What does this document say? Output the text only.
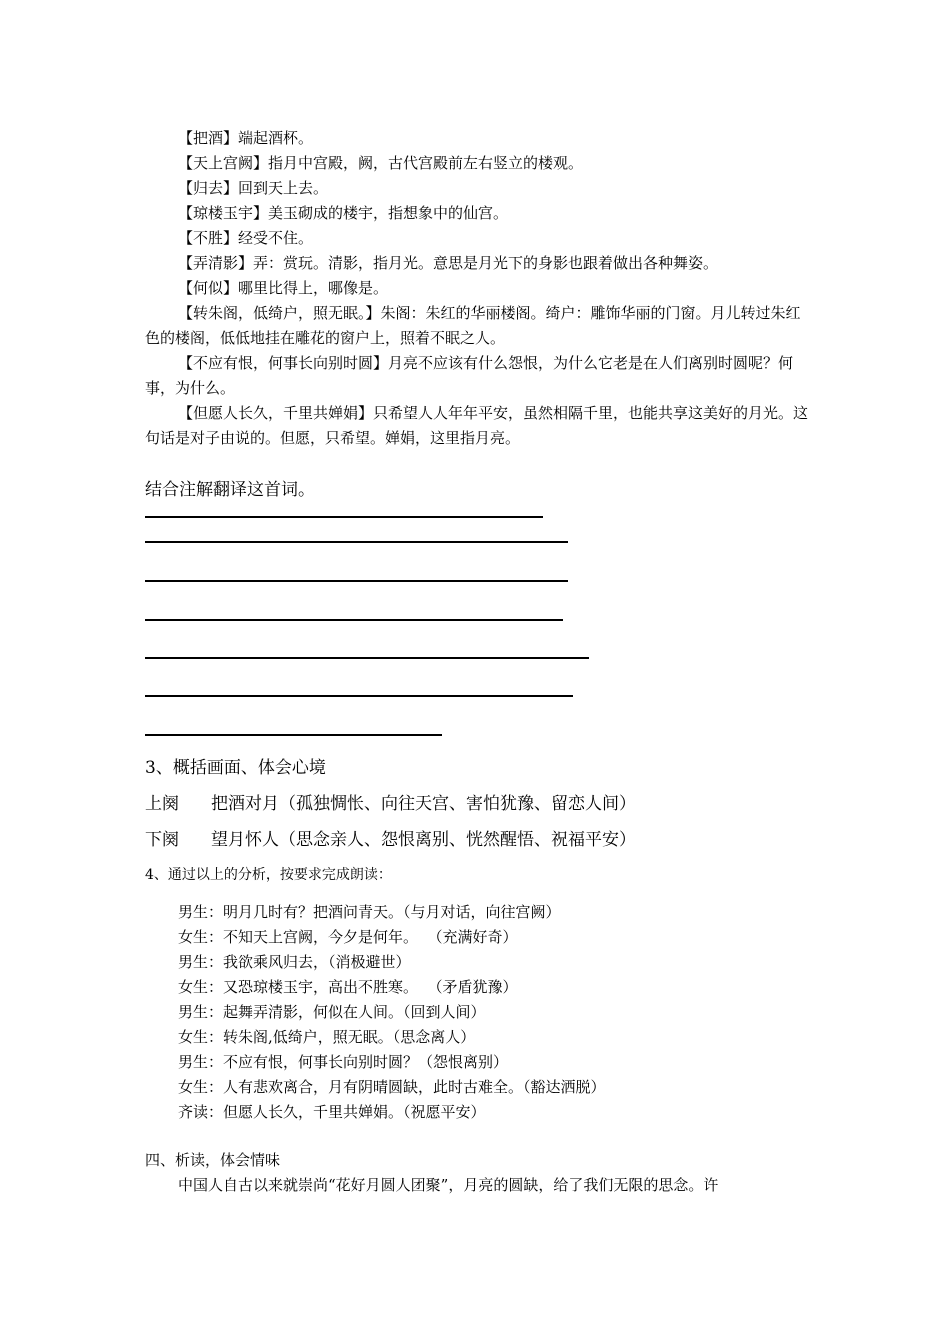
【把酒】端起酒杯。

【天上宫阙】指月中宫殿，阙，古代宫殿前左右竖立的楼观。

【归去】回到天上去。

【琼楼玉宇】美玉砌成的楼宇，指想象中的仙宫。

【不胜】经受不住。

【弄清影】弄：赏玩。清影，指月光。意思是月光下的身影也跟着做出各种舞姿。

【何似】哪里比得上，哪像是。

【转朱阁，低绮户，照无眠。】朱阁：朱红的华丽楼阁。绮户：雕饰华丽的门窗。月儿转过朱红色的楼阁，低低地挂在雕花的窗户上，照着不眠之人。

【不应有恨，何事长向别时圆】月亮不应该有什么怨恨，为什么它老是在人们离别时圆呢？何事，为什么。

【但愿人长久，千里共婵娟】只希望人人年年平安，虽然相隔千里，也能共享这美好的月光。这句话是对子由说的。但愿，只希望。婵娟，这里指月亮。

结合注解翻译这首词。

3、概括画面、体会心境

上阕 把酒对月（孤独惆怅、向往天宫、害怕犹豫、留恋人间）

下阕 望月怀人（思念亲人、怨恨离别、恍然醒悟、祝福平安）

4、通过以上的分析，按要求完成朗读：

男生：明月几时有？把酒问青天。（与月对话，向往宫阙）
女生：不知天上宫阙，今夕是何年。  （充满好奇）
男生：我欲乘风归去，（消极避世）
女生：又恐琼楼玉宇，高出不胜寒。  （矛盾犹豫）
男生：起舞弄清影，何似在人间。（回到人间）
女生：转朱阁,低绮户，照无眠。（思念离人）
男生：不应有恨，何事长向别时圆？（怨恨离别）
女生：人有悲欢离合，月有阴晴圆缺，此时古难全。（豁达洒脱）
齐读：但愿人长久，千里共婵娟。（祝愿平安）

四、析读，体会情味

中国人自古以来就崇尚“花好月圆人团聚”，月亮的圆缺，给了我们无限的思念。许
